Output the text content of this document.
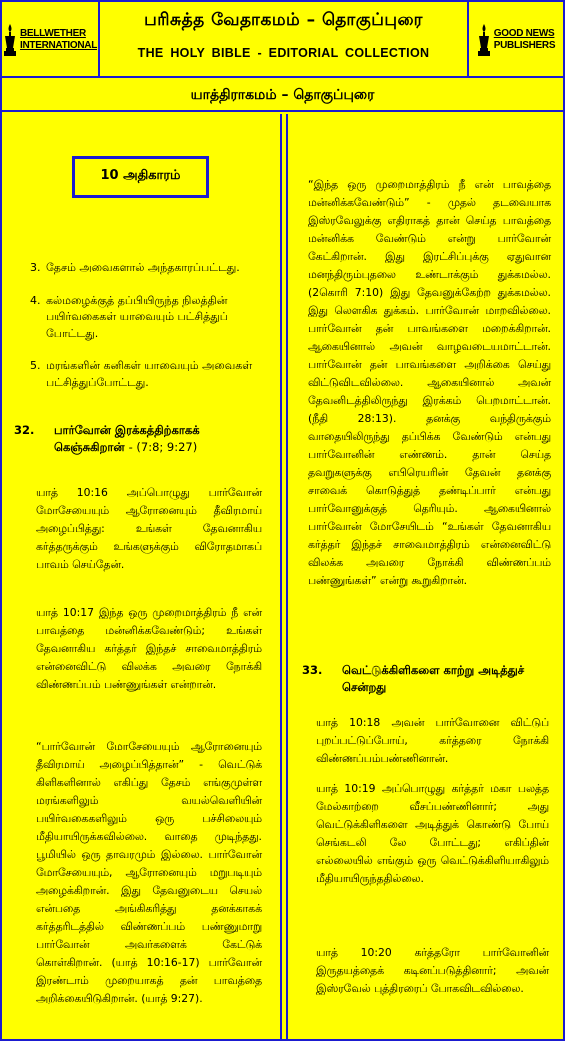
BELLWETHER
INTERNATIONAL
பரிசுத்த வேதாகமம் – தொகுப்புரை
THE HOLY BIBLE - EDITORIAL COLLECTION
GOOD NEWS
PUBLISHERS
யாத்திராகமம் – தொகுப்புரை
10 அதிகாரம்
3. தேசம் அவைகளால் அந்தகாரப்பட்டது.
4. கல்மழைக்குத் தப்பியிருந்த நிலத்தின் பயிர்வகைகள் யாவையும் பட்சித்துப் போட்டது.
5. மரங்களின் கனிகள் யாவையும் அவைகள் பட்சித்துப்போட்டது.
32.	பார்வோன் இரக்கத்திற்காகக் கெஞ்சுகிறான் - (7:8; 9:27)
யாத் 10:16 அப்பொழுது பார்வோன் மோசேயையும் ஆரோனையும் தீவிரமாய் அழைப்பித்து: உங்கள் தேவனாகிய கர்த்தருக்கும் உங்களுக்கும் விரோதமாகப் பாவம் செய்தேன்.
யாத் 10:17 இந்த ஒரு முறைமாத்திரம் நீ என் பாவத்தை மன்னிக்கவேண்டும்; உங்கள் தேவனாகிய கர்த்தர் இந்தச் சாவைமாத்திரம் என்னைவிட்டு விலக்க அவரை நோக்கி விண்ணப்பம் பண்ணுங்கள் என்றான்.
“பார்வோன் மோசேயையும் ஆரோனையும் தீவிரமாய் அழைப்பித்தான்” - வெட்டுக் கிளிகளினால் எகிப்து தேசம் எங்குமுள்ள மரங்களிலும் வயல்வெளியின் பயிர்வகைகளிலும் ஒரு பச்சிலையும் மீதியாயிருக்கவில்லை. வாதை முடிந்தது. பூமியில் ஒரு தாவரமும் இல்லை. பார்வோன் மோசேயையும், ஆரோனையும் மறுபடியும் அழைக்கிறான். இது தேவனுடைய செயல் என்பதை அங்கிகரித்து தனக்காகக் கர்த்தரிடத்தில் விண்ணப்பம் பண்ணுமாறு பார்வோன் அவர்களைக் கேட்டுக் கொள்கிறான். (யாத் 10:16-17) பார்வோன் இரண்டாம் முறையாகத் தன் பாவத்தை அறிக்கையிடுகிறான். (யாத் 9:27).
“இந்த ஒரு முறைமாத்திரம் நீ என் பாவத்தை மன்னிக்கவேண்டும்” - முதல் தடவையாக இஸ்ரவேலுக்கு எதிராகத் தான் செய்த பாவத்தை மன்னிக்க வேண்டும் என்று பார்வோன் கேட்கிறான். இது இரட்சிப்புக்கு ஏதுவான மனந்திரும்புதலை உண்டாக்கும் துக்கமல்ல. (2கொரி 7:10) இது தேவனுக்கேற்ற துக்கமல்ல. இது லௌகிக துக்கம். பார்வோன் மாறவில்லை. பார்வோன் தன் பாவங்களை மறைக்கிறான். ஆகையினால் அவன் வாழவடையமாட்டான். பார்வோன் தன் பாவங்களை அறிக்கை செய்து விட்டுவிடவில்லை. ஆகையினால் அவன் தேவனிடத்திலிருந்து இரக்கம் பெறமாட்டான். (நீதி 28:13). தனக்கு வந்திருக்கும் வாதையிலிருந்து தப்பிக்க வேண்டும் என்பது பார்வோனின் எண்ணம். தான் செய்த தவறுகளுக்கு எபிரெயரின் தேவன் தனக்கு சாவைக் கொடுத்துத் தண்டிப்பார் என்பது பார்வோனுக்குத் தெரியும். ஆகையினால் பார்வோன் மோசேயிடம் “உங்கள் தேவனாகிய கர்த்தர் இந்தச் சாவைமாத்திரம் என்னைவிட்டு விலக்க அவரை நோக்கி விண்ணப்பம் பண்ணுங்கள்” என்று கூறுகிறான்.
33.	வெட்டுக்கிளிகளை காற்று அடித்துச் சென்றது
யாத் 10:18 அவன் பார்வோனை விட்டுப் புறப்பட்டுப்போய், கர்த்தரை நோக்கி விண்ணப்பம்பண்ணினான்.
யாத் 10:19 அப்பொழுது கர்த்தர் மகா பலத்த மேல்காற்றை வீசப்பண்ணினார்; அது வெட்டுக்கிளிகளை அடித்துக் கொண்டு போய் செங்கடலி லே போட்டது; எகிப்தின் எல்லையில் எங்கும் ஒரு வெட்டுக்கிளியாகிலும் மீதியாயிருந்ததில்லை.
யாத் 10:20 கர்த்தரோ பார்வோனின் இருதயத்தைக் கடினப்படுத்தினார்; அவன் இஸ்ரவேல் புத்திரரைப் போகவிடவில்லை.
